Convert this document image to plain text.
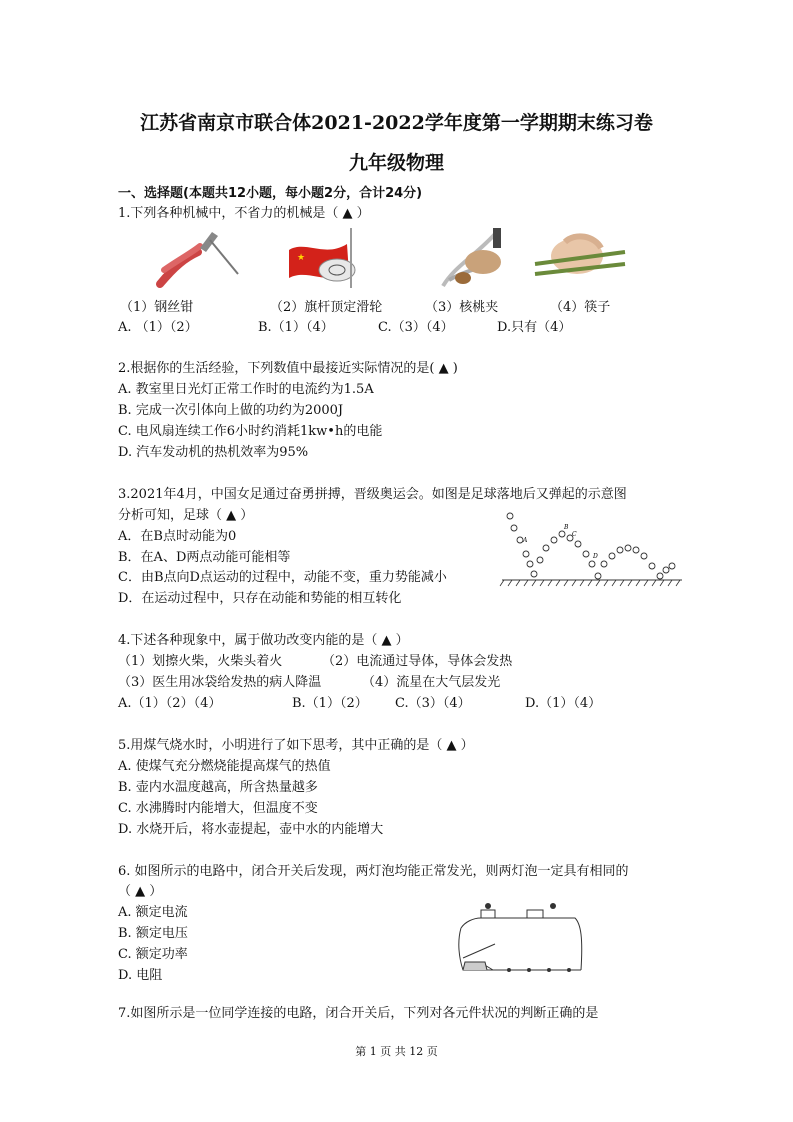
江苏省南京市联合体2021-2022学年度第一学期期末练习卷
九年级物理
一、选择题(本题共12小题，每小题2分，合计24分)
1.下列各种机械中，不省力的机械是（ ▲ ）
★
（1）钢丝钳	（2）旗杆顶定滑轮	（3）核桃夹	（4）筷子
A. （1）（2）	B.（1）（4）	C.（3）（4）	D.只有（4）
2.根据你的生活经验，下列数值中最接近实际情况的是( ▲ )
A. 教室里日光灯正常工作时的电流约为1.5A
B. 完成一次引体向上做的功约为2000J
C. 电风扇连续工作6小时约消耗1kw•h的电能
D. 汽车发动机的热机效率为95%
3.2021年4月，中国女足通过奋勇拼搏，晋级奥运会。如图是足球落地后又弹起的示意图
分析可知，足球（ ▲ ）
A．在B点时动能为0
B．在A、D两点动能可能相等
C．由B点向D点运动的过程中，动能不变，重力势能减小
D．在运动过程中，只存在动能和势能的相互转化
A
B
C
D
4.下述各种现象中，属于做功改变内能的是（ ▲ ）
（1）划擦火柴，火柴头着火	（2）电流通过导体，导体会发热
（3）医生用冰袋给发热的病人降温	（4）流星在大气层发光
A.（1）（2）（4）	B.（1）（2） C.（3）（4）	D.（1）（4）
5.用煤气烧水时，小明进行了如下思考，其中正确的是（ ▲ ）
A. 使煤气充分燃烧能提高煤气的热值
B. 壶内水温度越高，所含热量越多
C. 水沸腾时内能增大，但温度不变
D. 水烧开后，将水壶提起，壶中水的内能增大
6. 如图所示的电路中，闭合开关后发现，两灯泡均能正常发光，则两灯泡一定具有相同的
（ ▲ ）
A. 额定电流
B. 额定电压
C. 额定功率
D. 电阻
7.如图所示是一位同学连接的电路，闭合开关后，下列对各元件状况的判断正确的是
第 1 页 共 12 页
